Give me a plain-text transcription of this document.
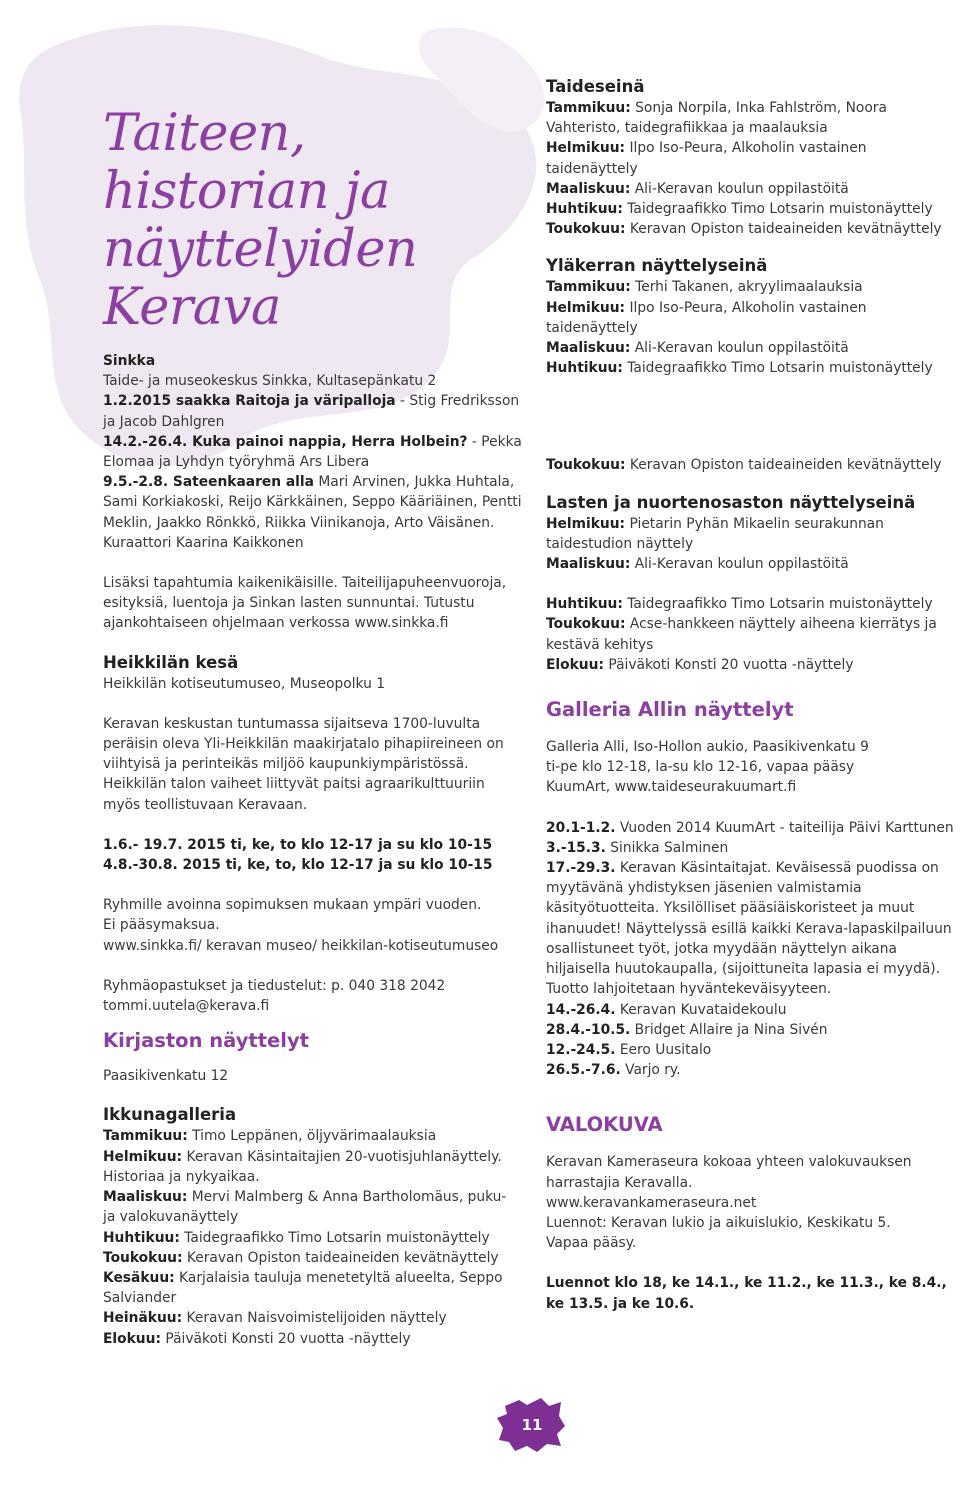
Taiteen,
historian ja
näyttelyiden
Kerava

Sinkka

Taide- ja museokeskus Sinkka, Kultasepänkatu 2

1.2.2015 saakka Raitoja ja väripalloja - Stig Fredriksson ja Jacob Dahlgren

14.2.-26.4. Kuka painoi nappia, Herra Holbein? - Pekka Elomaa ja Lyhdyn työryhmä Ars Libera

9.5.-2.8. Sateenkaaren alla Mari Arvinen, Jukka Huhtala, Sami Korkiakoski, Reijo Kärkkäinen, Seppo Kääriäinen, Pentti Meklin, Jaakko Rönkkö, Riikka Viinikanoja, Arto Väisänen. Kuraattori Kaarina Kaikkonen

Lisäksi tapahtumia kaikenikäisille. Taiteilijapuheenvuoroja, esityksiä, luentoja ja Sinkan lasten sunnuntai. Tutustu ajankohtaiseen ohjelmaan verkossa www.sinkka.fi

Heikkilän kesä

Heikkilän kotiseutumuseo, Museopolku 1

Keravan keskustan tuntumassa sijaitseva 1700-luvulta peräisin oleva Yli-Heikkilän maakirjatalo pihapiireineen on viihtyisä ja perinteikäs miljöö kaupunkiympäristössä. Heikkilän talon vaiheet liittyvät paitsi agraarikulttuuriin myös teollistuvaan Keravaan.

1.6.- 19.7. 2015 ti, ke, to klo 12-17 ja su klo 10-15

4.8.-30.8. 2015 ti, ke, to, klo 12-17 ja su klo 10-15

Ryhmille avoinna sopimuksen mukaan ympäri vuoden.

Ei pääsymaksua.

www.sinkka.fi/ keravan museo/ heikkilan-kotiseutumuseo

Ryhmäopastukset ja tiedustelut: p. 040 318 2042

tommi.uutela@kerava.fi

Kirjaston näyttelyt

Paasikivenkatu 12

Ikkunagalleria

Tammikuu: Timo Leppänen, öljyvärimaalauksia

Helmikuu: Keravan Käsintaitajien 20-vuotisjuhlanäyttely. Historiaa ja nykyaikaa.

Maaliskuu: Mervi Malmberg & Anna Bartholomäus, puku- ja valokuvanäyttely

Huhtikuu: Taidegraafikko Timo Lotsarin muistonäyttely

Toukokuu: Keravan Opiston taideaineiden kevätnäyttely

Kesäkuu: Karjalaisia tauluja menetetyltä alueelta, Seppo Salviander

Heinäkuu: Keravan Naisvoimistelijoiden näyttely

Elokuu: Päiväkoti Konsti 20 vuotta -näyttely

Taideseinä

Tammikuu: Sonja Norpila, Inka Fahlström, Noora Vahteristo, taidegrafiikkaa ja maalauksia

Helmikuu: Ilpo Iso-Peura, Alkoholin vastainen taidenäyttely

Maaliskuu: Ali-Keravan koulun oppilastöitä

Huhtikuu: Taidegraafikko Timo Lotsarin muistonäyttely

Toukokuu: Keravan Opiston taideaineiden kevätnäyttely

Yläkerran näyttelyseinä

Tammikuu: Terhi Takanen, akryylimaalauksia

Helmikuu: Ilpo Iso-Peura, Alkoholin vastainen taidenäyttely

Maaliskuu: Ali-Keravan koulun oppilastöitä

Huhtikuu: Taidegraafikko Timo Lotsarin muistonäyttely

Toukokuu: Keravan Opiston taideaineiden kevätnäyttely

Lasten ja nuortenosaston näyttelyseinä

Helmikuu: Pietarin Pyhän Mikaelin seurakunnan taidestudion näyttely

Maaliskuu: Ali-Keravan koulun oppilastöitä

Huhtikuu: Taidegraafikko Timo Lotsarin muistonäyttely

Toukokuu: Acse-hankkeen näyttely aiheena kierrätys ja kestävä kehitys

Elokuu: Päiväkoti Konsti 20 vuotta -näyttely

Galleria Allin näyttelyt

Galleria Alli, Iso-Hollon aukio, Paasikivenkatu 9

ti-pe klo 12-18, la-su klo 12-16, vapaa pääsy

KuumArt, www.taideseurakuumart.fi

20.1-1.2. Vuoden 2014 KuumArt - taiteilija Päivi Karttunen

3.-15.3. Sinikka Salminen

17.-29.3. Keravan Käsintaitajat. Keväisessä puodissa on myytävänä yhdistyksen jäsenien valmistamia käsityötuotteita. Yksilölliset pääsiäiskoristeet ja muut ihanuudet! Näyttelyssä esillä kaikki Kerava-lapaskilpailuun osallistuneet työt, jotka myydään näyttelyn aikana hiljaisella huutokaupalla, (sijoittuneita lapasia ei myydä). Tuotto lahjoitetaan hyväntekeväisyyteen.

14.-26.4. Keravan Kuvataidekoulu

28.4.-10.5. Bridget Allaire ja Nina Sivén

12.-24.5. Eero Uusitalo

26.5.-7.6. Varjo ry.

VALOKUVA

Keravan Kameraseura kokoaa yhteen valokuvauksen harrastajia Keravalla.

www.keravankameraseura.net

Luennot: Keravan lukio ja aikuislukio, Keskikatu 5.

Vapaa pääsy.

Luennot klo 18, ke 14.1., ke 11.2., ke 11.3., ke 8.4., ke 13.5. ja ke 10.6.

11
